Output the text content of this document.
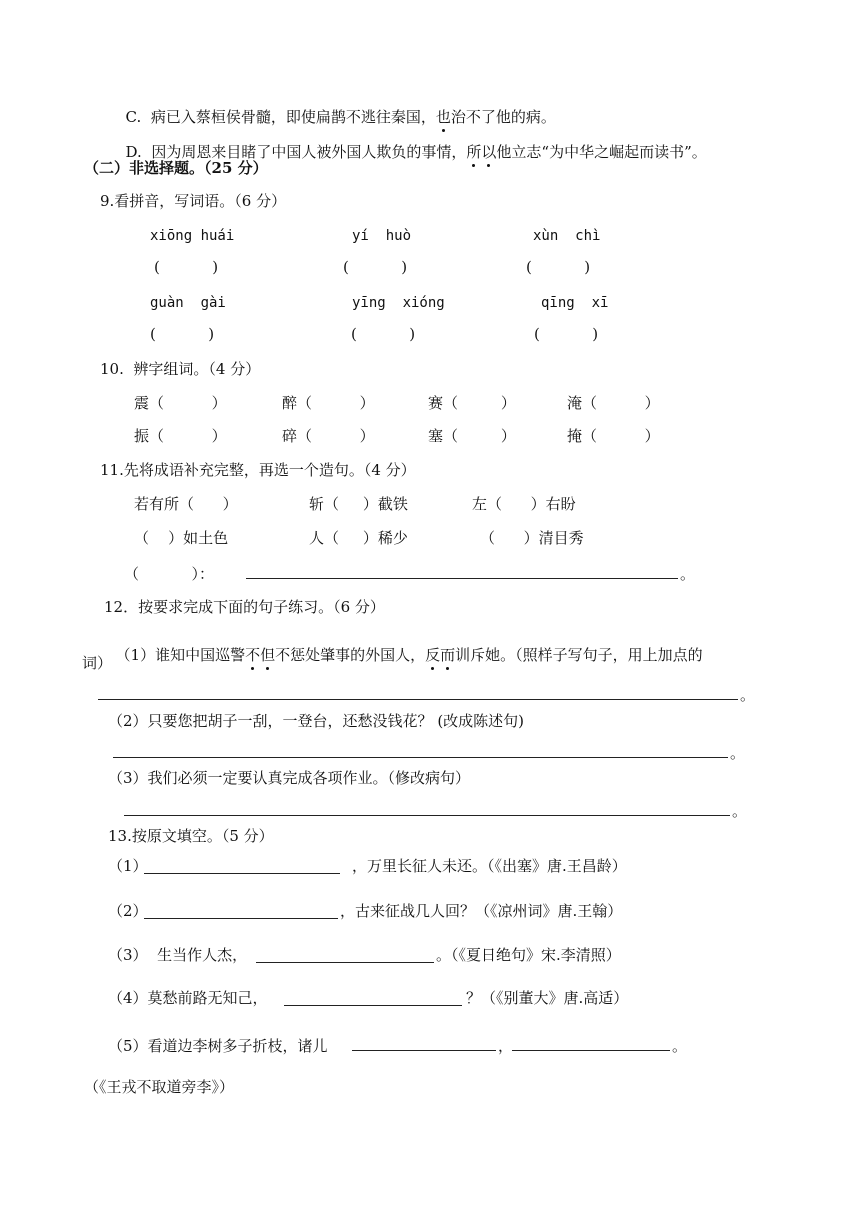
C. 病已入蔡桓侯骨髓，即使扁鹊不逃往秦国，也治不了他的病。

D. 因为周恩来目睹了中国人被外国人欺负的事情，所以他立志“为中华之崛起而读书”。

（二）非选择题。（25 分）
9.看拼音，写词语。（6 分）
xiōng huái	yí  huò	xùn  chì
(           )	(           )	(           )
guàn  gài	yīng  xióng	qīng  xī
(           )	(           )	(           )
10.  辨字组词。（4 分）
震（          ）	醉（          ）	赛（         ）	淹（          ）
振（          ）	碎（          ）	塞（         ）	掩（          ）
11.先将成语补充完整，再选一个造句。（4 分）
若有所（      ）	斩（     ）截铁	左（      ）右盼
（    ）如土色	人（     ）稀少	（      ）清目秀
（           ）：	。
12．按要求完成下面的句子练习。（6 分）

（1）谁知中国巡警不但不惩处肇事的外国人，反而训斥她。（照样子写句子，用上加点的

词）
。
（2）只要您把胡子一刮，一登台，还愁没钱花？ (改成陈述句)
。
（3）我们必须一定要认真完成各项作业。（修改病句）
。
13.按原文填空。（5 分）
（1）	，万里长征人未还。（《出塞》唐.王昌龄）
（2）	，古来征战几人回？（《凉州词》唐.王翰）
（3）  生当作人杰，	。（《夏日绝句》宋.李清照）
（4）莫愁前路无知己，	？（《别董大》唐.高适）
（5）看道边李树多子折枝，诸儿	，	。
（《王戎不取道旁李》）
